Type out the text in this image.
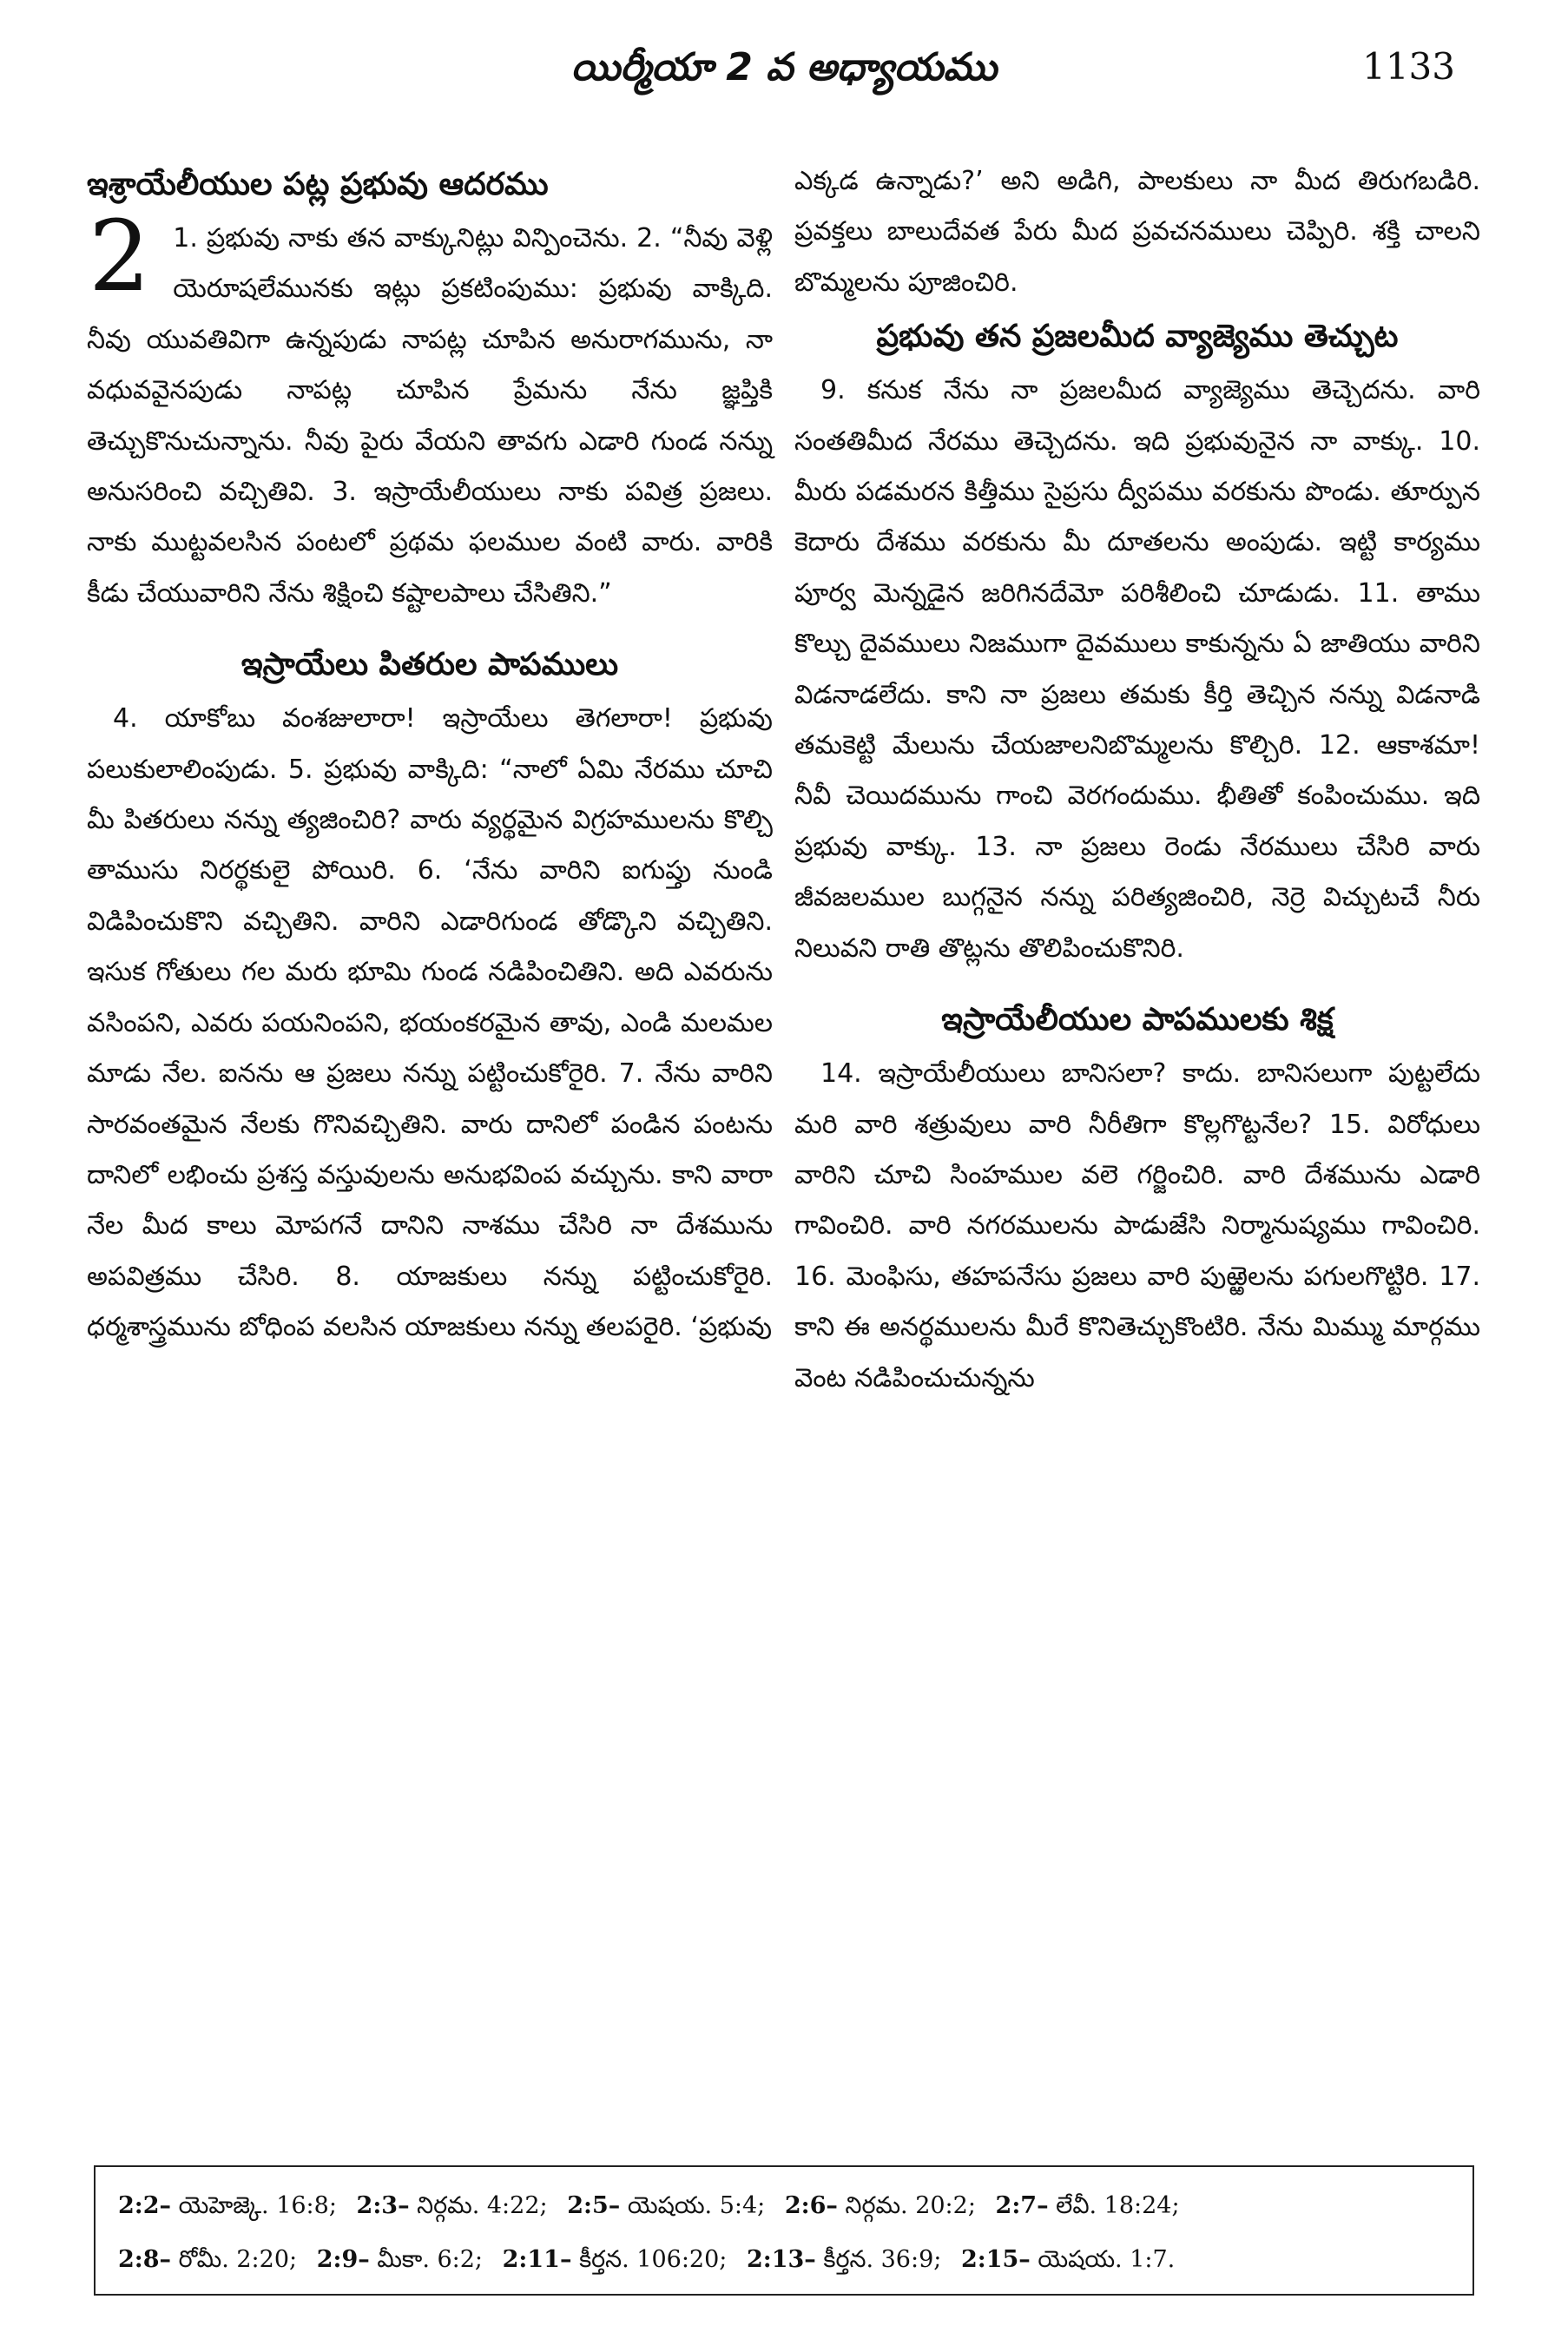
యిర్మీయా 2 వ అధ్యాయము	1133
ఇశ్రాయేలీయుల పట్ల ప్రభువు ఆదరము

2 1. ప్రభువు నాకు తన వాక్కునిట్లు విన్పించెను. 2. “నీవు వెళ్లి యెరూషలేమునకు ఇట్లు ప్రకటింపుము: ప్రభువు వాక్కిది. నీవు యువతివిగా ఉన్నపుడు నాపట్ల చూపిన అనురాగమును, నా వధువవైనపుడు నాపట్ల చూపిన ప్రేమను నేను జ్ఞప్తికి తెచ్చుకొనుచున్నాను. నీవు పైరు వేయని తావగు ఎడారి గుండ నన్ను అనుసరించి వచ్చితివి. 3. ఇస్రాయేలీయులు నాకు పవిత్ర ప్రజలు. నాకు ముట్టవలసిన పంటలో ప్రథమ ఫలముల వంటి వారు. వారికి కీడు చేయువారిని నేను శిక్షించి కష్టాలపాలు చేసితిని.”

ఇస్రాయేలు పితరుల పాపములు

4. యాకోబు వంశజులారా! ఇస్రాయేలు తెగలారా! ప్రభువు పలుకులాలింపుడు. 5. ప్రభువు వాక్కిది: “నాలో ఏమి నేరము చూచి మీ పితరులు నన్ను త్యజించిరి? వారు వ్యర్థమైన విగ్రహములను కొల్చి తాముసు నిరర్థకులై పోయిరి. 6. ‘నేను వారిని ఐగుప్తు నుండి విడిపించుకొని వచ్చితిని. వారిని ఎడారిగుండ తోడ్కొని వచ్చితిని. ఇసుక గోతులు గల మరు భూమి గుండ నడిపించితిని. అది ఎవరును వసింపని, ఎవరు పయనింపని, భయంకరమైన తావు, ఎండి మలమల మాడు నేల. ఐనను ఆ ప్రజలు నన్ను పట్టించుకోరైరి. 7. నేను వారిని సారవంతమైన నేలకు గొనివచ్చితిని. వారు దానిలో పండిన పంటను దానిలో లభించు ప్రశస్త వస్తువులను అనుభవింప వచ్చును. కాని వారా నేల మీద కాలు మోపగనే దానిని నాశము చేసిరి నా దేశమును అపవిత్రము చేసిరి. 8. యాజకులు నన్ను పట్టించుకోరైరి. ధర్మశాస్త్రమును బోధింప వలసిన యాజకులు నన్ను తలపరైరి. ‘ప్రభువు

ఎక్కడ ఉన్నాడు?’ అని అడిగి, పాలకులు నా మీద తిరుగబడిరి. ప్రవక్తలు బాలుదేవత పేరు మీద ప్రవచనములు చెప్పిరి. శక్తి చాలని బొమ్మలను పూజించిరి.

ప్రభువు తన ప్రజలమీద వ్యాజ్యెము తెచ్చుట

9. కనుక నేను నా ప్రజలమీద వ్యాజ్యెము తెచ్చెదను. వారి సంతతిమీద నేరము తెచ్చెదను. ఇది ప్రభువునైన నా వాక్కు. 10. మీరు పడమరన కిత్తీము సైప్రసు ద్వీపము వరకును పొండు. తూర్పున కెదారు దేశము వరకును మీ దూతలను అంపుడు. ఇట్టి కార్యము పూర్వ మెన్నడైన జరిగినదేమో పరిశీలించి చూడుడు. 11. తాము కొల్చు దైవములు నిజముగా దైవములు కాకున్నను ఏ జాతియు వారిని విడనాడలేదు. కాని నా ప్రజలు తమకు కీర్తి తెచ్చిన నన్ను విడనాడి తమకెట్టి మేలును చేయజాలనిబొమ్మలను కొల్చిరి. 12. ఆకాశమా! నీవీ చెయిదమును గాంచి వెరగందుము. భీతితో కంపించుము. ఇది ప్రభువు వాక్కు. 13. నా ప్రజలు రెండు నేరములు చేసిరి వారు జీవజలముల బుగ్గనైన నన్ను పరిత్యజించిరి, నెర్రె విచ్చుటచే నీరు నిలువని రాతి తొట్లను తొలిపించుకొనిరి.

ఇస్రాయేలీయుల పాపములకు శిక్ష

14. ఇస్రాయేలీయులు బానిసలా? కాదు. బానిసలుగా పుట్టలేదు మరి వారి శత్రువులు వారి నీరీతిగా కొల్లగొట్టనేల? 15. విరోధులు వారిని చూచి సింహముల వలె గర్జించిరి. వారి దేశమును ఎడారి గావించిరి. వారి నగరములను పాడుజేసి నిర్మానుష్యము గావించిరి. 16. మెంఫిసు, తహపనేసు ప్రజలు వారి పుఱ్ఱెలను పగులగొట్టిరి. 17. కాని ఈ అనర్థములను మీరే కొనితెచ్చుకొంటిరి. నేను మిమ్ము మార్గము వెంట నడిపించుచున్నను

2:2– యెహెజ్కె. 16:8; 2:3– నిర్గమ. 4:22; 2:5– యెషయ. 5:4; 2:6– నిర్గమ. 20:2; 2:7– లేవీ. 18:24;
2:8– రోమీ. 2:20; 2:9– మీకా. 6:2; 2:11– కీర్తన. 106:20; 2:13– కీర్తన. 36:9; 2:15– యెషయ. 1:7.
